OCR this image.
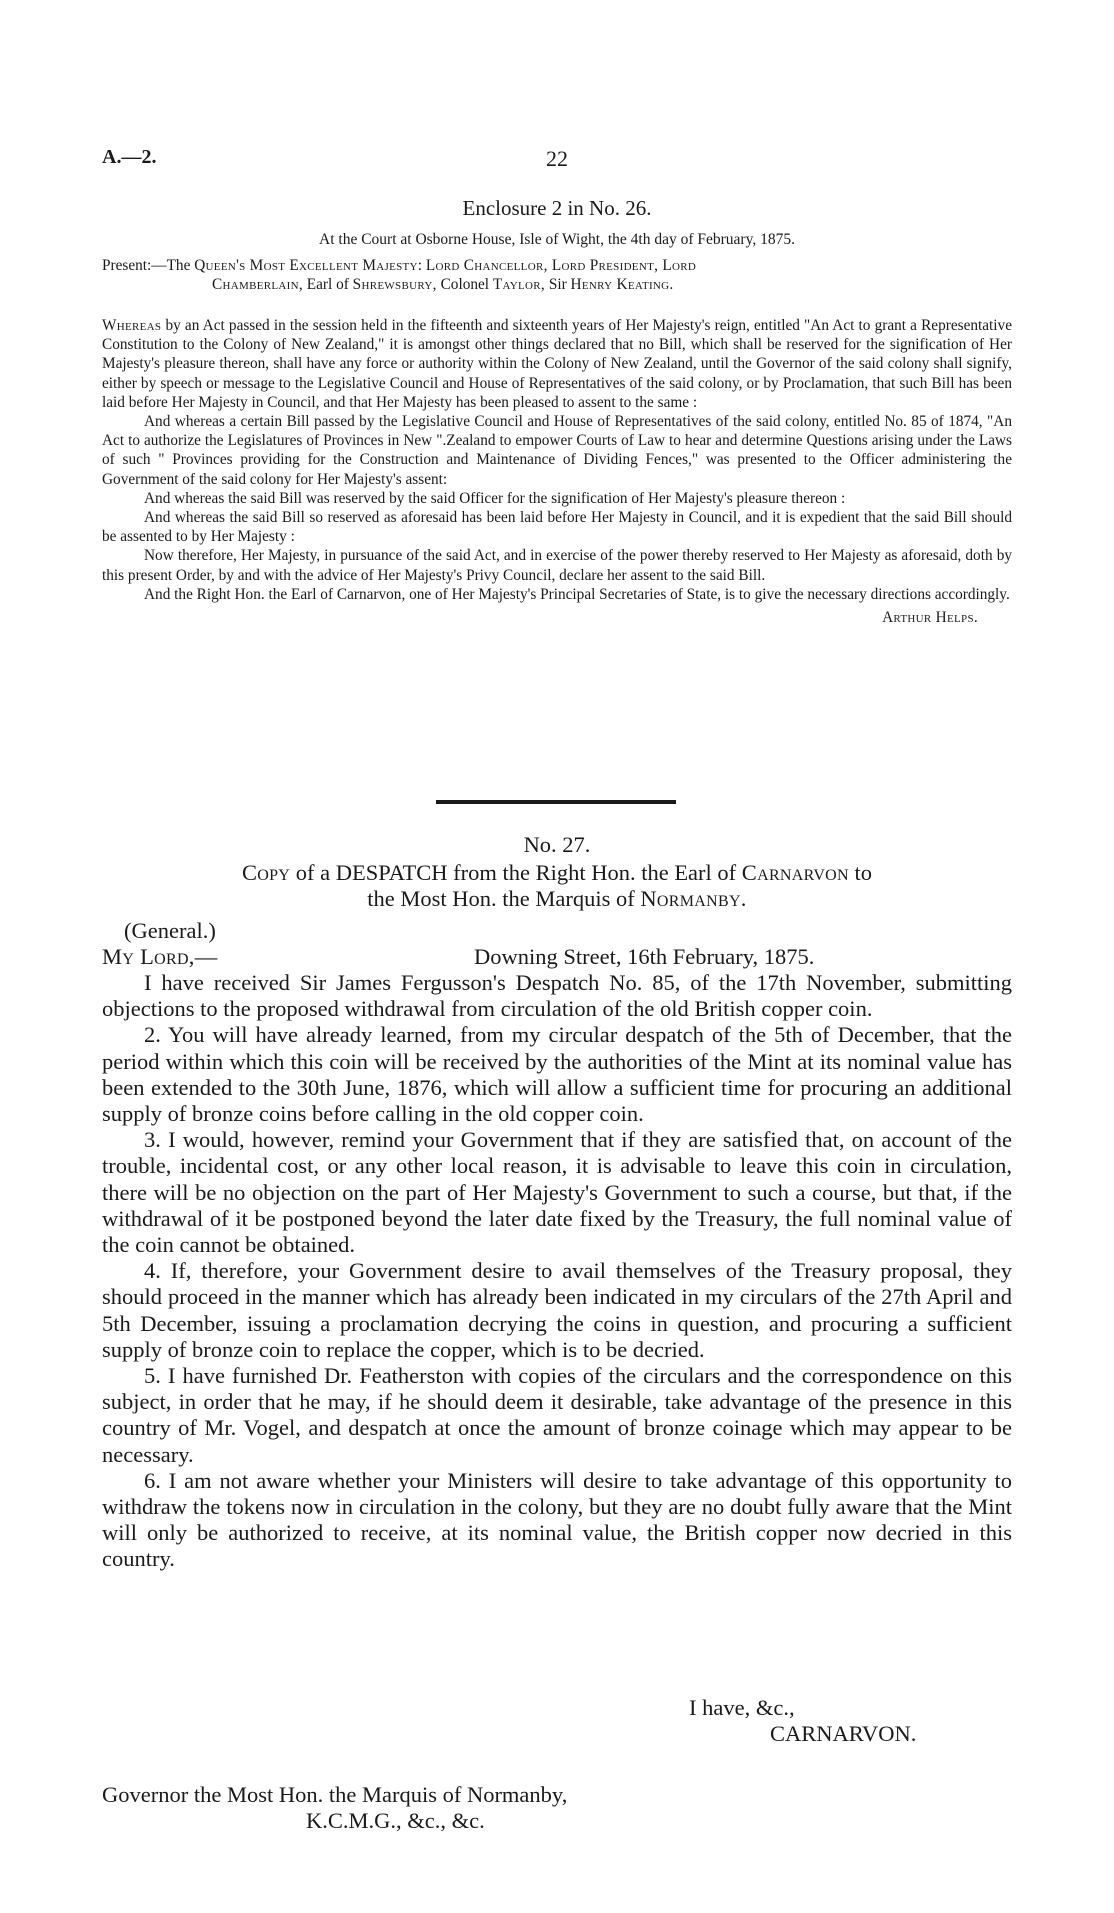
A.—2.	22
Enclosure 2 in No. 26.
At the Court at Osborne House, Isle of Wight, the 4th day of February, 1875.
Present:—The Queen's Most Excellent Majesty: Lord Chancellor, Lord President, Lord
Chamberlain, Earl of Shrewsbury, Colonel Taylor, Sir Henry Keating.

Whereas by an Act passed in the session held in the fifteenth and sixteenth years of Her Majesty's reign, entitled "An Act to grant a Representative Constitution to the Colony of New Zealand," it is amongst other things declared that no Bill, which shall be reserved for the signification of Her Majesty's pleasure thereon, shall have any force or authority within the Colony of New Zealand, until the Governor of the said colony shall signify, either by speech or message to the Legislative Council and House of Representatives of the said colony, or by Proclamation, that such Bill has been laid before Her Majesty in Council, and that Her Majesty has been pleased to assent to the same :

And whereas a certain Bill passed by the Legislative Council and House of Representatives of the said colony, entitled No. 85 of 1874, "An Act to authorize the Legislatures of Provinces in New ".Zealand to empower Courts of Law to hear and determine Questions arising under the Laws of such " Provinces providing for the Construction and Maintenance of Dividing Fences," was presented to the Officer administering the Government of the said colony for Her Majesty's assent:

And whereas the said Bill was reserved by the said Officer for the signification of Her Majesty's pleasure thereon :

And whereas the said Bill so reserved as aforesaid has been laid before Her Majesty in Council, and it is expedient that the said Bill should be assented to by Her Majesty :

Now therefore, Her Majesty, in pursuance of the said Act, and in exercise of the power thereby reserved to Her Majesty as aforesaid, doth by this present Order, by and with the advice of Her Majesty's Privy Council, declare her assent to the said Bill.

And the Right Hon. the Earl of Carnarvon, one of Her Majesty's Principal Secretaries of State, is to give the necessary directions accordingly.

Arthur Helps.
No. 27.
Copy of a DESPATCH from the Right Hon. the Earl of Carnarvon to
the Most Hon. the Marquis of Normanby.
(General.)
My Lord,—	Downing Street, 16th February, 1875.

I have received Sir James Fergusson's Despatch No. 85, of the 17th November, submitting objections to the proposed withdrawal from circulation of the old British copper coin.

2. You will have already learned, from my circular despatch of the 5th of December, that the period within which this coin will be received by the authorities of the Mint at its nominal value has been extended to the 30th June, 1876, which will allow a sufficient time for procuring an additional supply of bronze coins before calling in the old copper coin.

3. I would, however, remind your Government that if they are satisfied that, on account of the trouble, incidental cost, or any other local reason, it is advisable to leave this coin in circulation, there will be no objection on the part of Her Majesty's Government to such a course, but that, if the withdrawal of it be postponed beyond the later date fixed by the Treasury, the full nominal value of the coin cannot be obtained.

4. If, therefore, your Government desire to avail themselves of the Treasury proposal, they should proceed in the manner which has already been indicated in my circulars of the 27th April and 5th December, issuing a proclamation decrying the coins in question, and procuring a sufficient supply of bronze coin to replace the copper, which is to be decried.

5. I have furnished Dr. Featherston with copies of the circulars and the correspondence on this subject, in order that he may, if he should deem it desirable, take advantage of the presence in this country of Mr. Vogel, and despatch at once the amount of bronze coinage which may appear to be necessary.

6. I am not aware whether your Ministers will desire to take advantage of this opportunity to withdraw the tokens now in circulation in the colony, but they are no doubt fully aware that the Mint will only be authorized to receive, at its nominal value, the British copper now decried in this country.

I have, &c.,
CARNARVON.
Governor the Most Hon. the Marquis of Normanby,
K.C.M.G., &c., &c.
